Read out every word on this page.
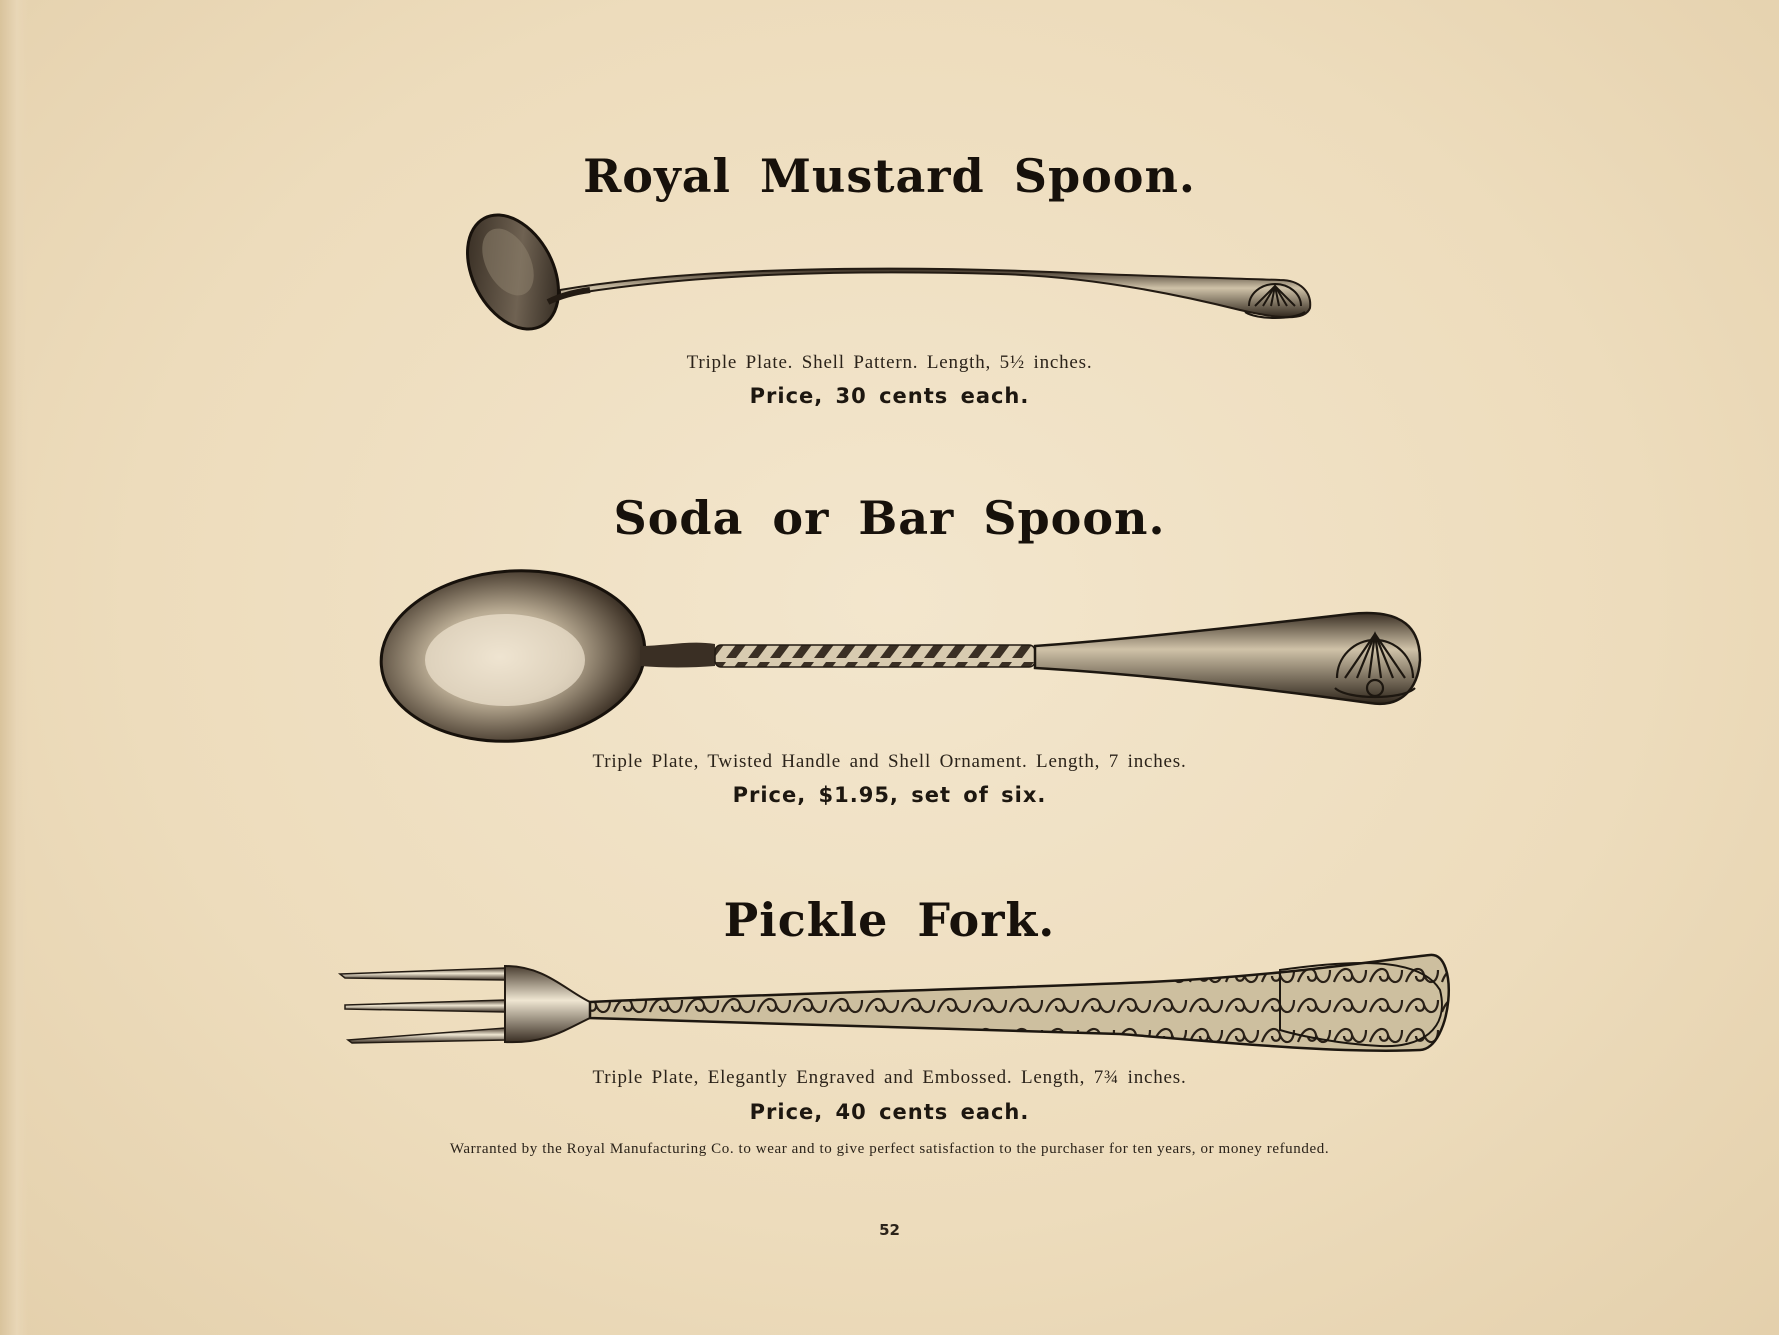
Royal Mustard Spoon.
Triple Plate. Shell Pattern. Length, 5½ inches.
Price, 30 cents each.
Soda or Bar Spoon.
Triple Plate, Twisted Handle and Shell Ornament. Length, 7 inches.
Price, $1.95, set of six.
Pickle Fork.
Triple Plate, Elegantly Engraved and Embossed. Length, 7¾ inches.
Price, 40 cents each.
Warranted by the Royal Manufacturing Co. to wear and to give perfect satisfaction to the purchaser for ten years, or money refunded.
52
